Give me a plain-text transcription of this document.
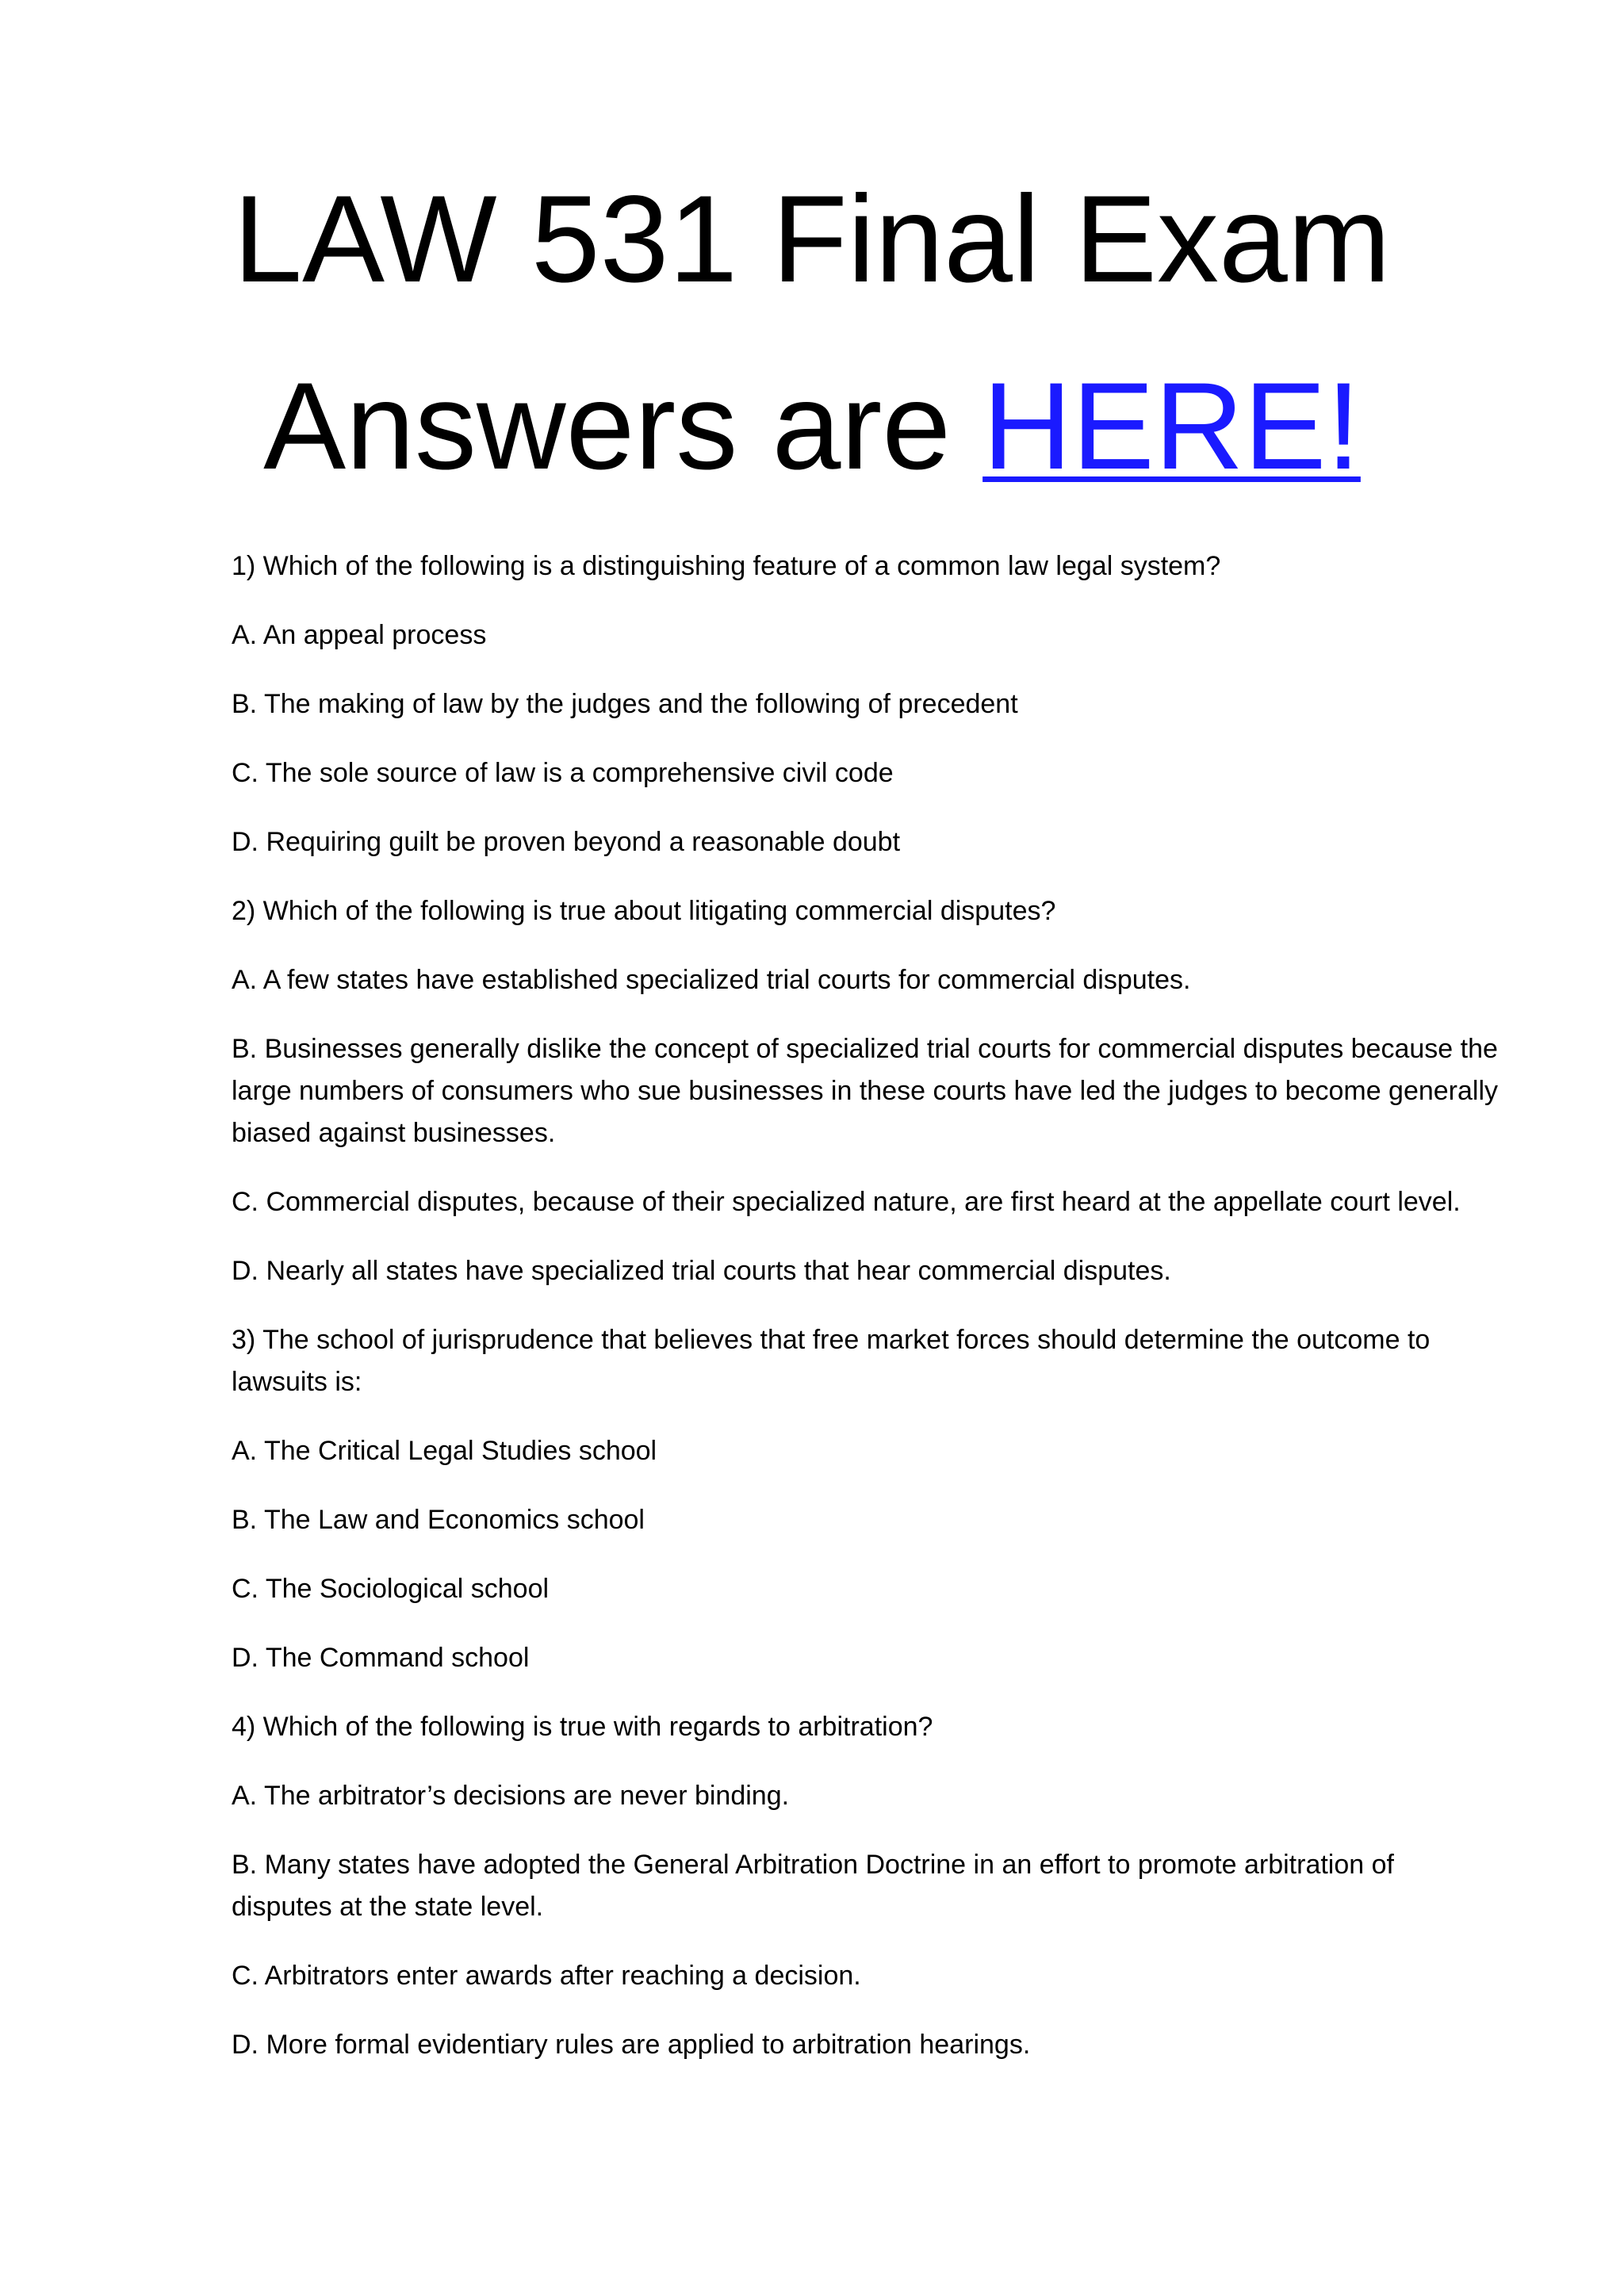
LAW 531 Final Exam
Answers are HERE!

1) Which of the following is a distinguishing feature of a common law legal system?

A. An appeal process

B. The making of law by the judges and the following of precedent

C. The sole source of law is a comprehensive civil code

D. Requiring guilt be proven beyond a reasonable doubt

2) Which of the following is true about litigating commercial disputes?

A. A few states have established specialized trial courts for commercial disputes.

B. Businesses generally dislike the concept of specialized trial courts for commercial disputes because the large numbers of consumers who sue businesses in these courts have led the judges to become generally biased against businesses.

C. Commercial disputes, because of their specialized nature, are first heard at the appellate court level.

D. Nearly all states have specialized trial courts that hear commercial disputes.

3) The school of jurisprudence that believes that free market forces should determine the outcome to lawsuits is:

A. The Critical Legal Studies school

B. The Law and Economics school

C. The Sociological school

D. The Command school

4) Which of the following is true with regards to arbitration?

A. The arbitrator’s decisions are never binding.

B. Many states have adopted the General Arbitration Doctrine in an effort to promote arbitration of disputes at the state level.

C. Arbitrators enter awards after reaching a decision.

D. More formal evidentiary rules are applied to arbitration hearings.
